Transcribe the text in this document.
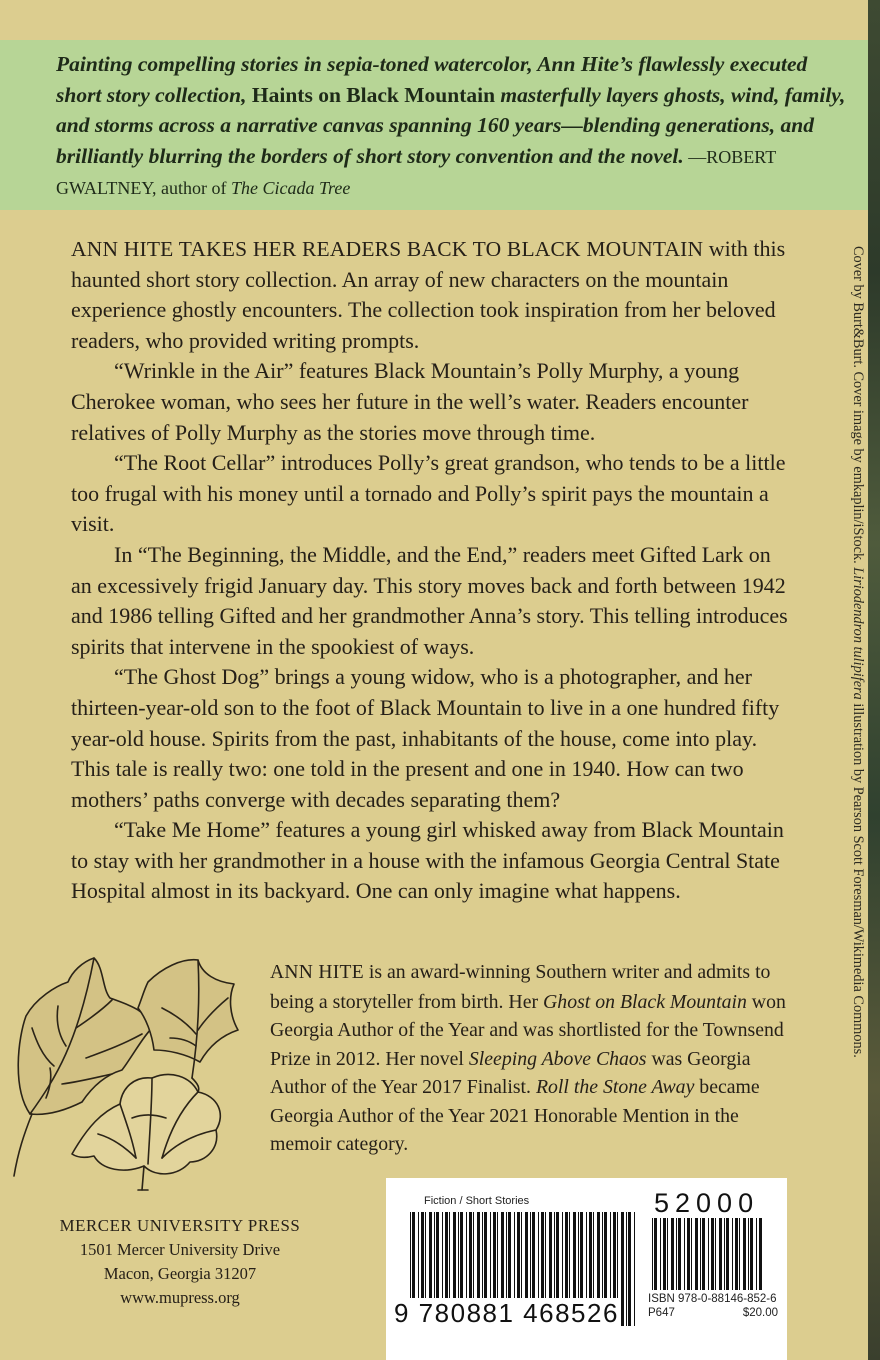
Painting compelling stories in sepia-toned watercolor, Ann Hite’s flawlessly executed short story collection, Haints on Black Mountain masterfully layers ghosts, wind, family, and storms across a narrative canvas spanning 160 years—blending generations, and brilliantly blurring the borders of short story convention and the novel. —ROBERT GWALTNEY, author of The Cicada Tree

ANN HITE TAKES HER READERS BACK TO BLACK MOUNTAIN with this haunted short story collection. An array of new characters on the mountain experience ghostly encounters. The collection took inspiration from her beloved readers, who provided writing prompts.

“Wrinkle in the Air” features Black Mountain’s Polly Murphy, a young Cherokee woman, who sees her future in the well’s water. Readers encounter relatives of Polly Murphy as the stories move through time.

“The Root Cellar” introduces Polly’s great grandson, who tends to be a little too frugal with his money until a tornado and Polly’s spirit pays the mountain a visit.

In “The Beginning, the Middle, and the End,” readers meet Gifted Lark on an excessively frigid January day. This story moves back and forth between 1942 and 1986 telling Gifted and her grandmother Anna’s story. This telling introduces spirits that intervene in the spookiest of ways.

“The Ghost Dog” brings a young widow, who is a photographer, and her thirteen-year-old son to the foot of Black Mountain to live in a one hundred fifty year-old house. Spirits from the past, inhabitants of the house, come into play. This tale is really two: one told in the present and one in 1940. How can two mothers’ paths converge with decades separating them?

“Take Me Home” features a young girl whisked away from Black Mountain to stay with her grandmother in a house with the infamous Georgia Central State Hospital almost in its backyard. One can only imagine what happens.

Cover by Burt&Burt. Cover image by emkaplin/iStock. Liriodendron tulipifera illustration by Pearson Scott Foresman/Wikimedia Commons.

ANN HITE is an award-winning Southern writer and admits to being a storyteller from birth. Her Ghost on Black Mountain won Georgia Author of the Year and was shortlisted for the Townsend Prize in 2012. Her novel Sleeping Above Chaos was Georgia Author of the Year 2017 Finalist. Roll the Stone Away became Georgia Author of the Year 2021 Honorable Mention in the memoir category.

MERCER UNIVERSITY PRESS
1501 Mercer University Drive
Macon, Georgia 31207
www.mupress.org
Fiction / Short Stories
9 780881 468526
52000
ISBN 978-0-88146-852-6
P647	$20.00
